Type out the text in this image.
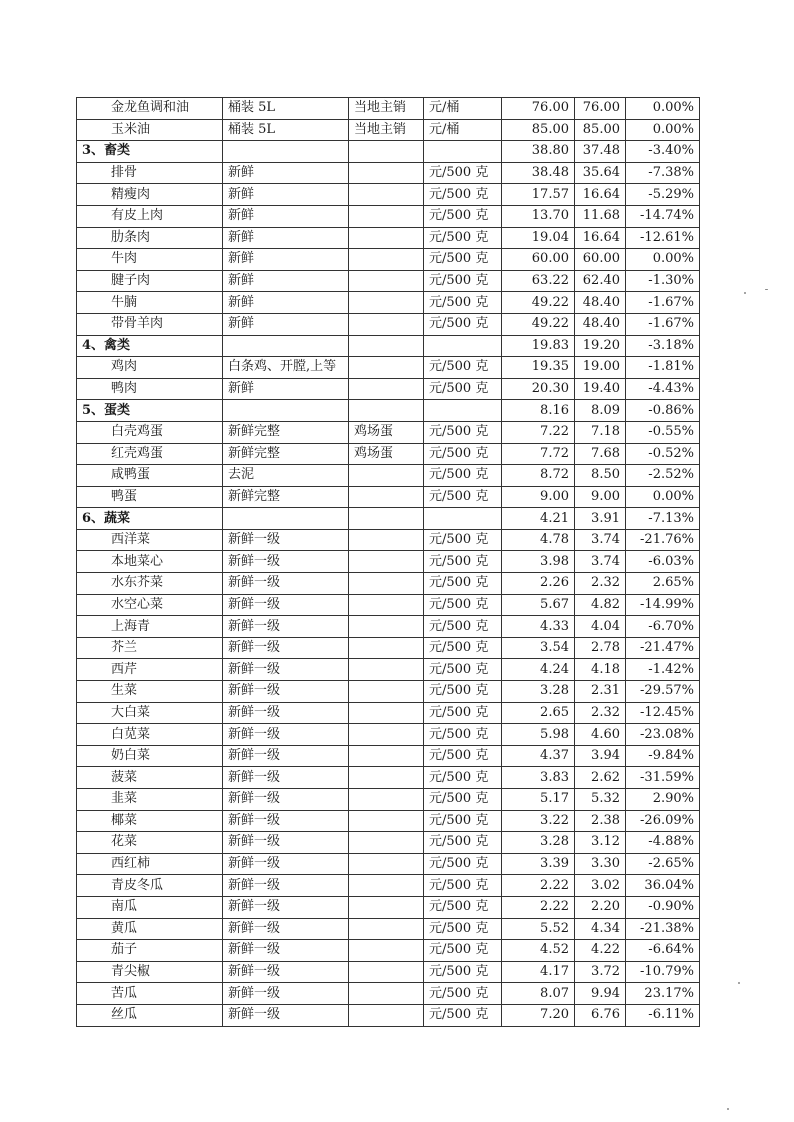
金龙鱼调和油	桶装 5L	当地主销	元/桶	76.00	76.00	0.00%
玉米油	桶装 5L	当地主销	元/桶	85.00	85.00	0.00%
3、畜类				38.80	37.48	-3.40%
排骨	新鲜		元/500 克	38.48	35.64	-7.38%
精瘦肉	新鲜		元/500 克	17.57	16.64	-5.29%
有皮上肉	新鲜		元/500 克	13.70	11.68	-14.74%
肋条肉	新鲜		元/500 克	19.04	16.64	-12.61%
牛肉	新鲜		元/500 克	60.00	60.00	0.00%
腱子肉	新鲜		元/500 克	63.22	62.40	-1.30%
牛腩	新鲜		元/500 克	49.22	48.40	-1.67%
带骨羊肉	新鲜		元/500 克	49.22	48.40	-1.67%
4、禽类				19.83	19.20	-3.18%
鸡肉	白条鸡、开膛,上等		元/500 克	19.35	19.00	-1.81%
鸭肉	新鲜		元/500 克	20.30	19.40	-4.43%
5、蛋类				8.16	8.09	-0.86%
白壳鸡蛋	新鲜完整	鸡场蛋	元/500 克	7.22	7.18	-0.55%
红壳鸡蛋	新鲜完整	鸡场蛋	元/500 克	7.72	7.68	-0.52%
咸鸭蛋	去泥		元/500 克	8.72	8.50	-2.52%
鸭蛋	新鲜完整		元/500 克	9.00	9.00	0.00%
6、蔬菜				4.21	3.91	-7.13%
西洋菜	新鲜一级		元/500 克	4.78	3.74	-21.76%
本地菜心	新鲜一级		元/500 克	3.98	3.74	-6.03%
水东芥菜	新鲜一级		元/500 克	2.26	2.32	2.65%
水空心菜	新鲜一级		元/500 克	5.67	4.82	-14.99%
上海青	新鲜一级		元/500 克	4.33	4.04	-6.70%
芥兰	新鲜一级		元/500 克	3.54	2.78	-21.47%
西芹	新鲜一级		元/500 克	4.24	4.18	-1.42%
生菜	新鲜一级		元/500 克	3.28	2.31	-29.57%
大白菜	新鲜一级		元/500 克	2.65	2.32	-12.45%
白苋菜	新鲜一级		元/500 克	5.98	4.60	-23.08%
奶白菜	新鲜一级		元/500 克	4.37	3.94	-9.84%
菠菜	新鲜一级		元/500 克	3.83	2.62	-31.59%
韭菜	新鲜一级		元/500 克	5.17	5.32	2.90%
椰菜	新鲜一级		元/500 克	3.22	2.38	-26.09%
花菜	新鲜一级		元/500 克	3.28	3.12	-4.88%
西红柿	新鲜一级		元/500 克	3.39	3.30	-2.65%
青皮冬瓜	新鲜一级		元/500 克	2.22	3.02	36.04%
南瓜	新鲜一级		元/500 克	2.22	2.20	-0.90%
黄瓜	新鲜一级		元/500 克	5.52	4.34	-21.38%
茄子	新鲜一级		元/500 克	4.52	4.22	-6.64%
青尖椒	新鲜一级		元/500 克	4.17	3.72	-10.79%
苦瓜	新鲜一级		元/500 克	8.07	9.94	23.17%
丝瓜	新鲜一级		元/500 克	7.20	6.76	-6.11%
